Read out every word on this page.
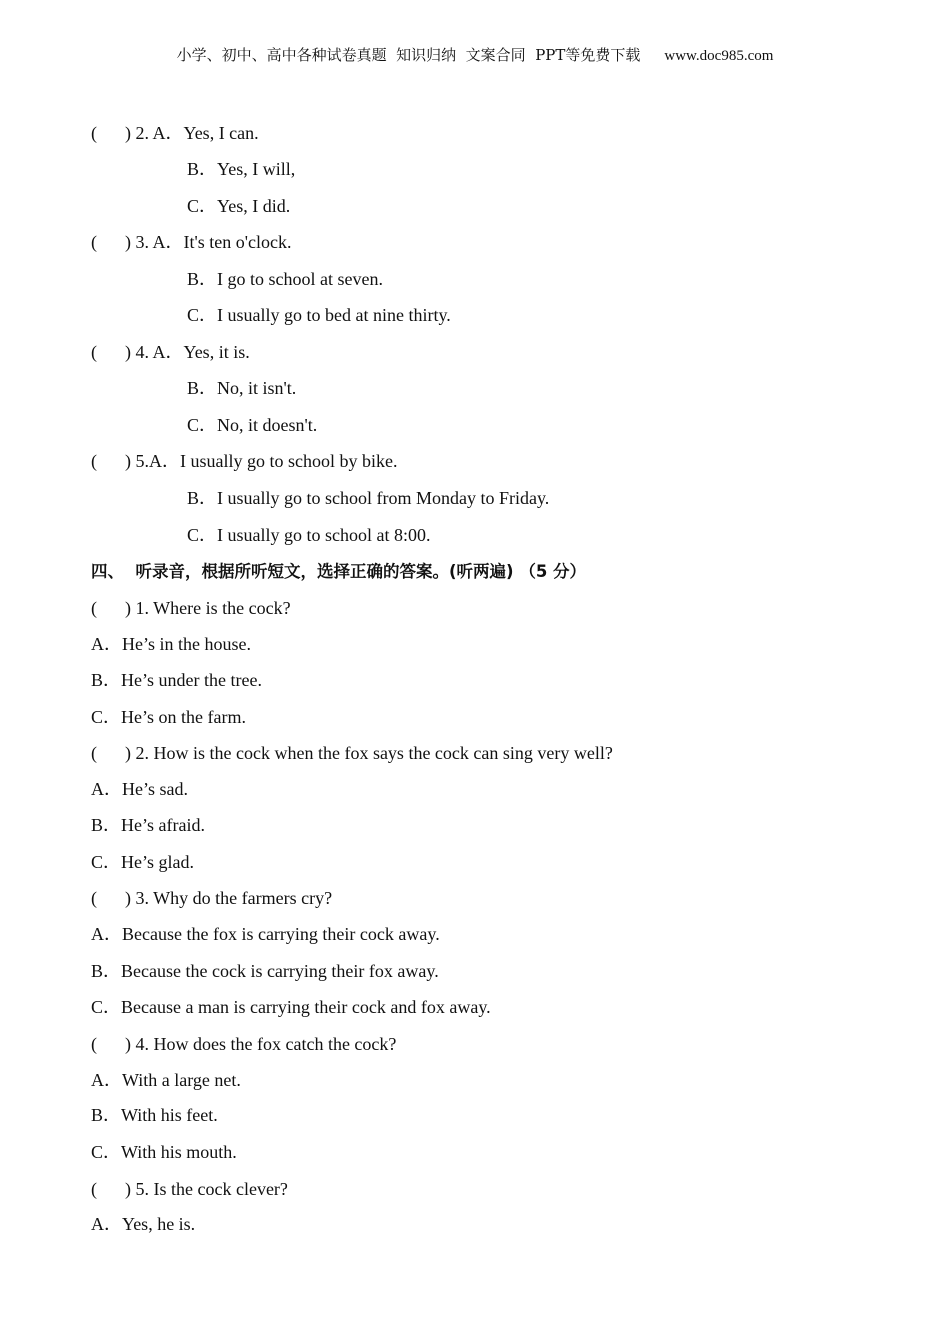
小学、初中、高中各种试卷真题  知识归纳  文案合同  PPT等免费下载 www.doc985.com
( ) 2. A．Yes, I can.
B．Yes, I will,
C．Yes, I did.
( ) 3. A．It's ten o'clock.
B．I go to school at seven.
C．I usually go to bed at nine thirty.
( ) 4. A．Yes, it is.
B．No, it isn't.
C．No, it doesn't.
( ) 5.A．I usually go to school by bike.
B．I usually go to school from Monday to Friday.
C．I usually go to school at 8:00.
四、  听录音，根据所听短文，选择正确的答案。(听两遍) （5 分）
( ) 1. Where is the cock?
A．He’s in the house.
B．He’s under the tree.
C．He’s on the farm.
( ) 2. How is the cock when the fox says the cock can sing very well?
A．He’s sad.
B．He’s afraid.
C．He’s glad.
( ) 3. Why do the farmers cry?
A．Because the fox is carrying their cock away.
B．Because the cock is carrying their fox away.
C．Because a man is carrying their cock and fox away.
( ) 4. How does the fox catch the cock?
A．With a large net.
B．With his feet.
C．With his mouth.
( ) 5. Is the cock clever?
A．Yes, he is.
